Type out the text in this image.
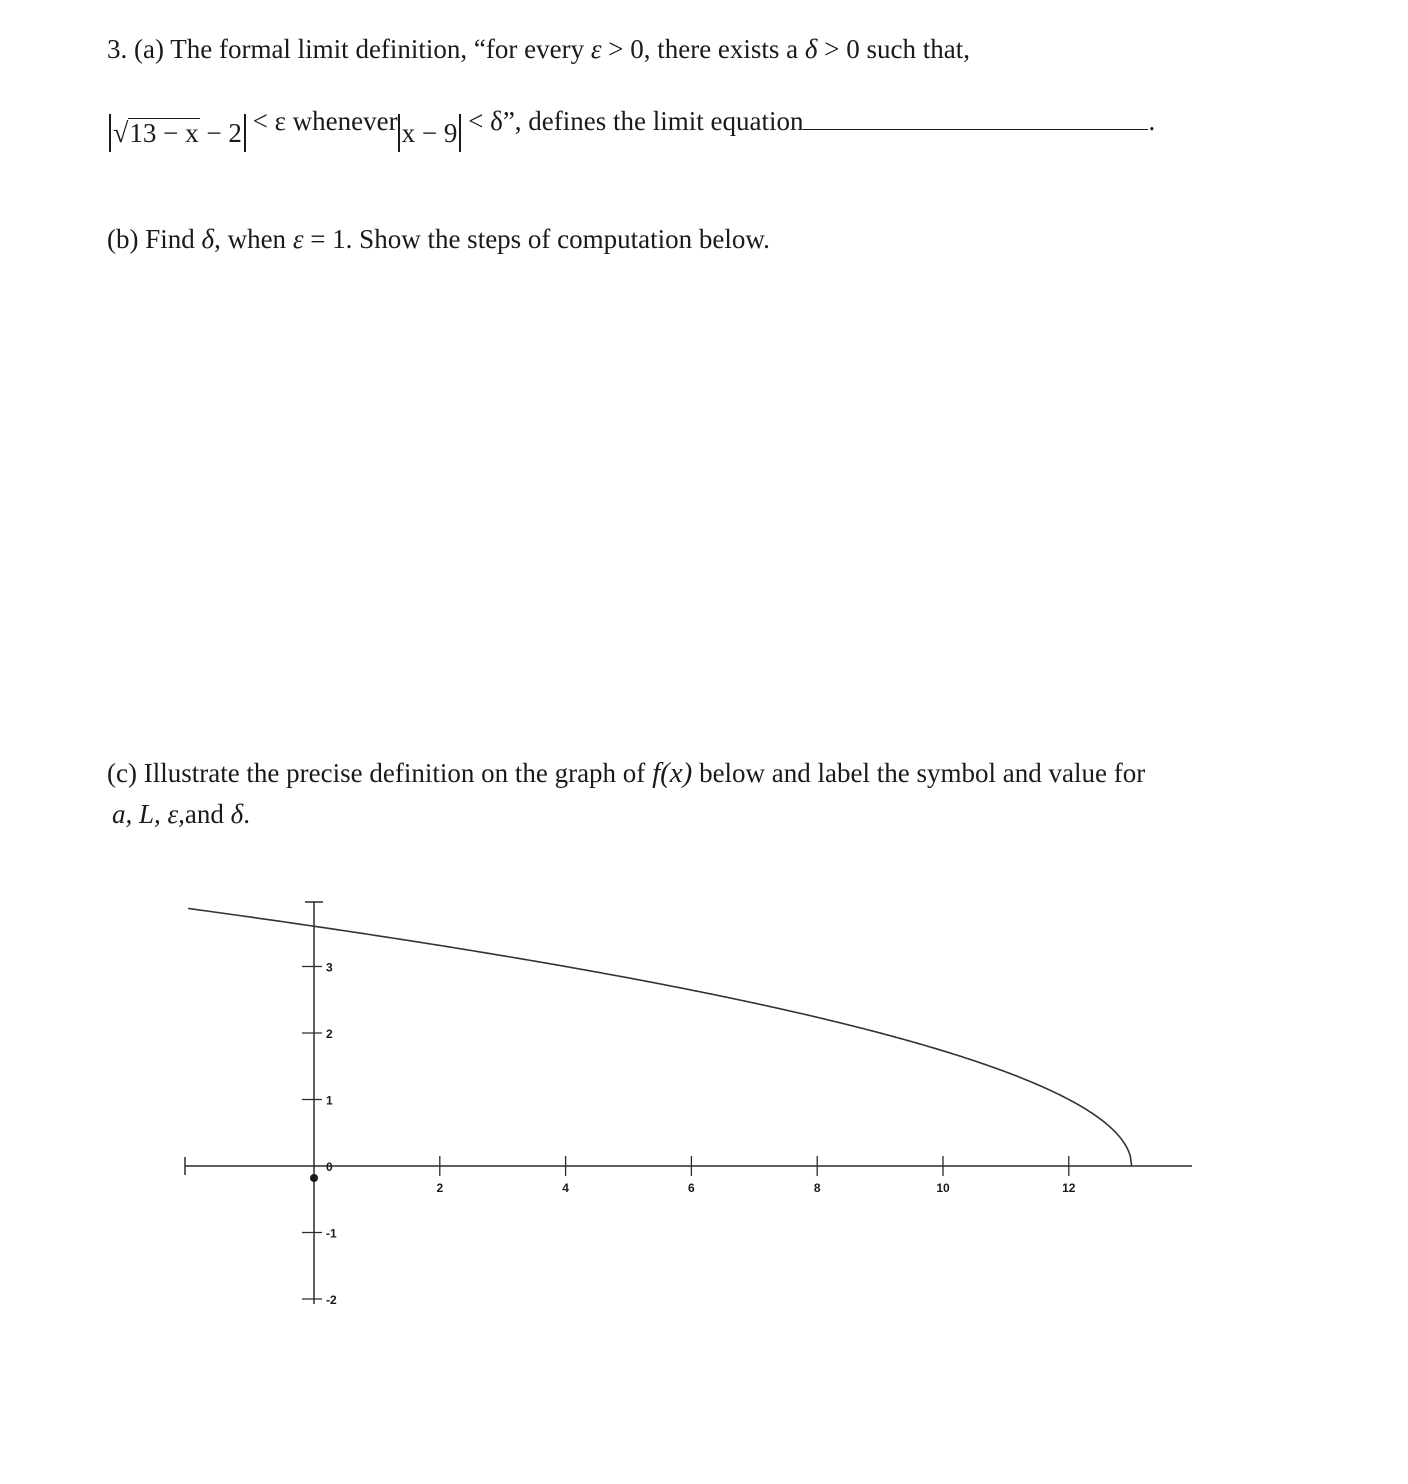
3. (a) The formal limit definition, “for every ε > 0, there exists a δ > 0 such that,
√13 − x − 2 < ε whenever x − 9 < δ”, defines the limit equation	.
(b) Find δ, when ε = 1. Show the steps of computation below.
(c) Illustrate the precise definition on the graph of f(x) below and label the symbol and value for
a, L, ε,and δ.
2	4	6	8	10	12
3
2
1
0
-1
-2
